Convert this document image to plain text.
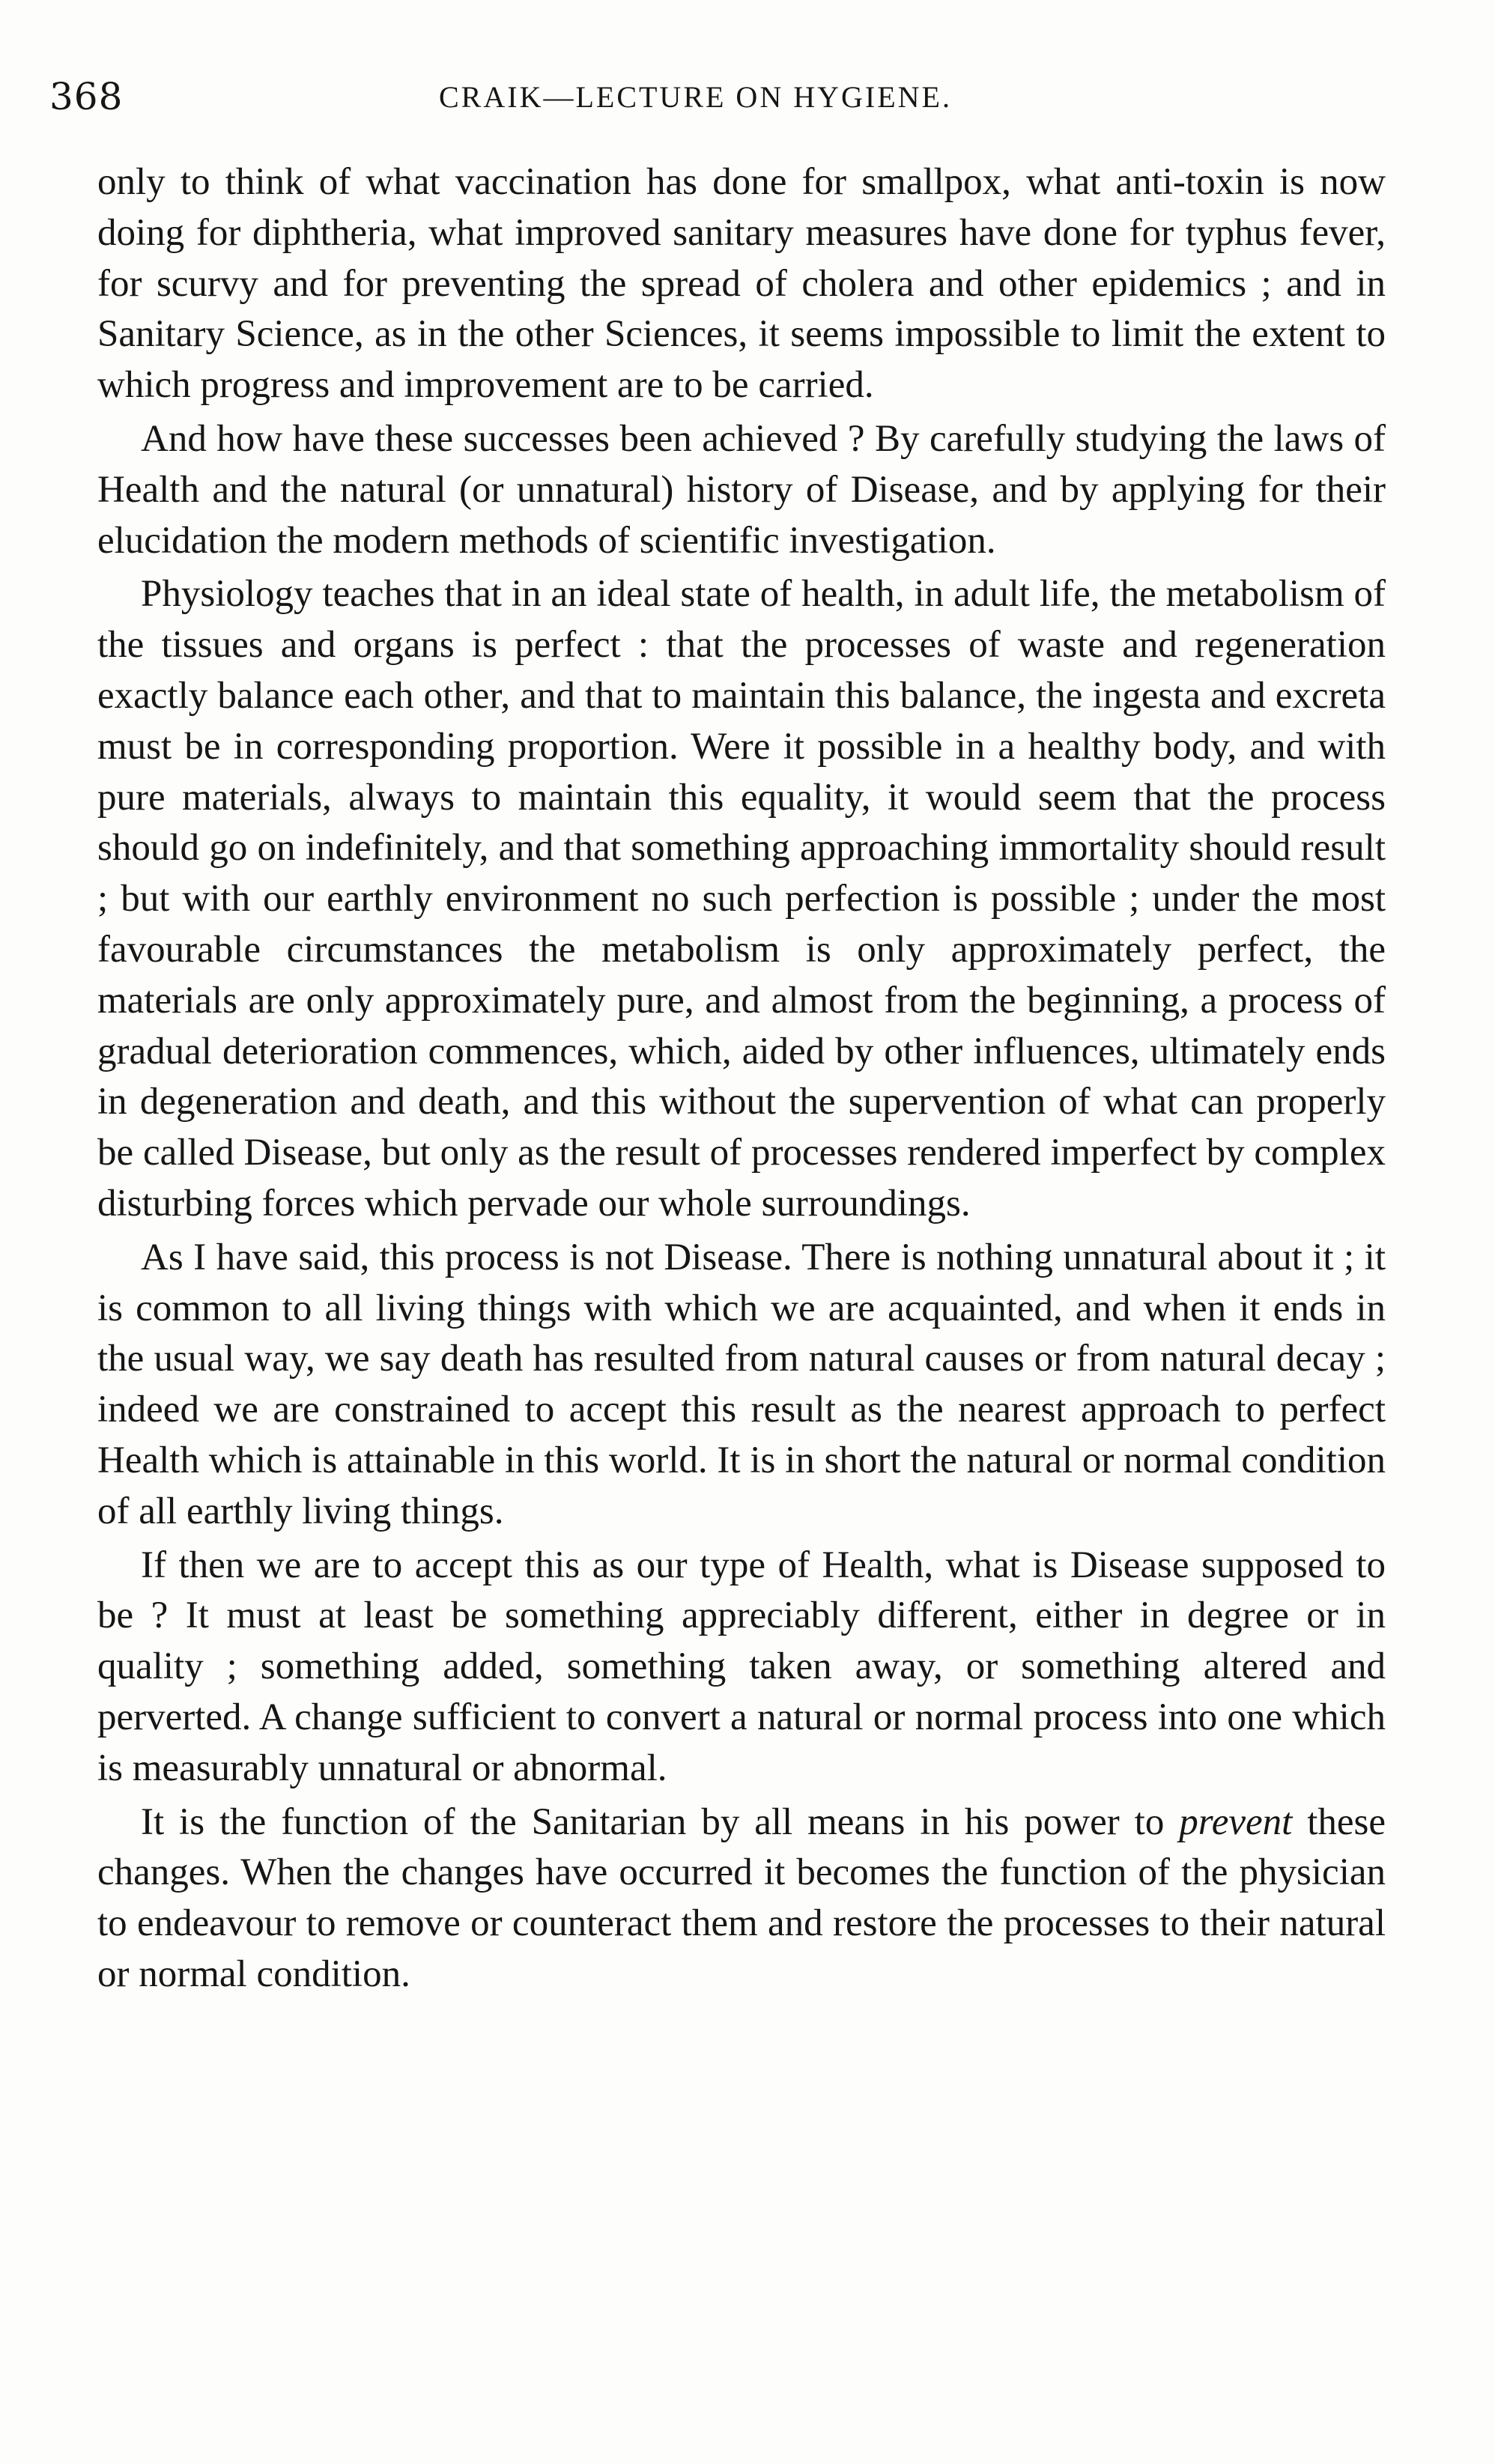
368	CRAIK—LECTURE ON HYGIENE.

only to think of what vaccination has done for smallpox, what anti-toxin is now doing for diphtheria, what improved sanitary measures have done for typhus fever, for scurvy and for preventing the spread of cholera and other epidemics ; and in Sanitary Science, as in the other Sciences, it seems impossible to limit the extent to which progress and improvement are to be carried.

And how have these successes been achieved ? By carefully studying the laws of Health and the natural (or unnatural) history of Disease, and by applying for their elucidation the modern methods of scientific investigation.

Physiology teaches that in an ideal state of health, in adult life, the metabolism of the tissues and organs is perfect : that the processes of waste and regeneration exactly balance each other, and that to maintain this balance, the ingesta and excreta must be in corresponding proportion. Were it possible in a healthy body, and with pure materials, always to maintain this equality, it would seem that the process should go on indefinitely, and that something approaching immortality should result ; but with our earthly environment no such perfection is possible ; under the most favourable circumstances the metabolism is only approximately perfect, the materials are only approximately pure, and almost from the beginning, a process of gradual deterioration commences, which, aided by other influences, ultimately ends in degeneration and death, and this without the supervention of what can properly be called Disease, but only as the result of processes rendered imperfect by complex disturbing forces which pervade our whole surroundings.

As I have said, this process is not Disease. There is nothing unnatural about it ; it is common to all living things with which we are acquainted, and when it ends in the usual way, we say death has resulted from natural causes or from natural decay ; indeed we are constrained to accept this result as the nearest approach to perfect Health which is attainable in this world. It is in short the natural or normal condition of all earthly living things.

If then we are to accept this as our type of Health, what is Disease supposed to be ? It must at least be something appreciably different, either in degree or in quality ; something added, something taken away, or something altered and perverted. A change sufficient to convert a natural or normal process into one which is measurably unnatural or abnormal.

It is the function of the Sanitarian by all means in his power to prevent these changes. When the changes have occurred it becomes the function of the physician to endeavour to remove or counteract them and restore the processes to their natural or normal condition.
